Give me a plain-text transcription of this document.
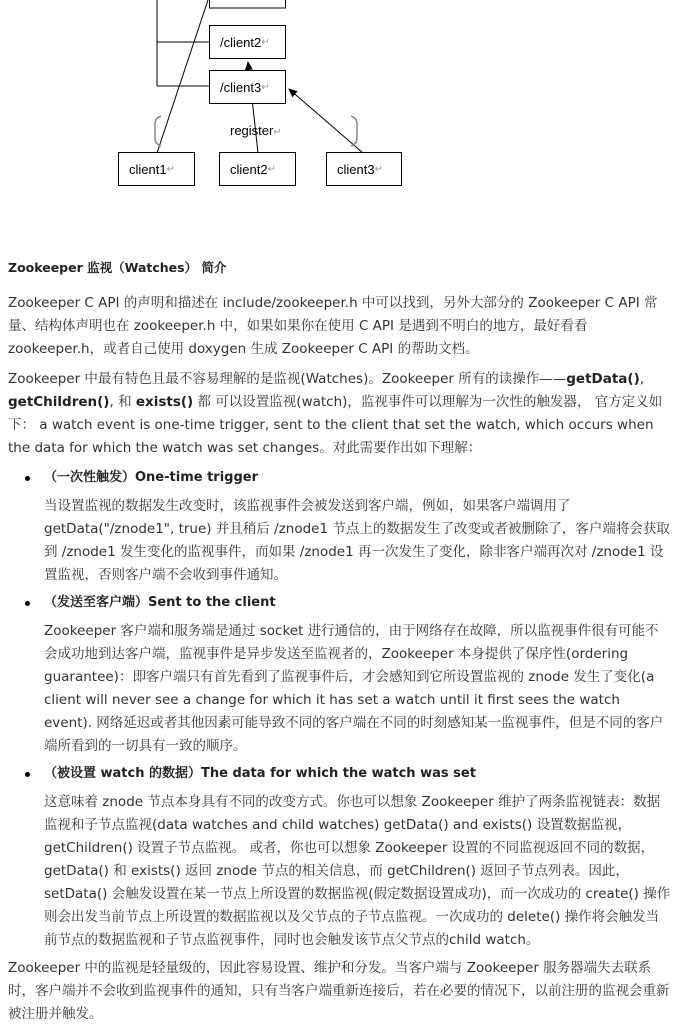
/client2 ↵
/client3 ↵
register↵
client1 ↵	client2 ↵	client3 ↵
Zookeeper 监视（Watches） 简介

Zookeeper C API 的声明和描述在 include/zookeeper.h 中可以找到，另外大部分的 Zookeeper C API 常量、结构体声明也在 zookeeper.h 中，如果如果你在使用 C API 是遇到不明白的地方，最好看看 zookeeper.h，或者自己使用 doxygen 生成 Zookeeper C API 的帮助文档。

Zookeeper 中最有特色且最不容易理解的是监视(Watches)。Zookeeper 所有的读操作——getData(), getChildren(), 和 exists() 都 可以设置监视(watch)，监视事件可以理解为一次性的触发器， 官方定义如下： a watch event is one-time trigger, sent to the client that set the watch, which occurs when the data for which the watch was set changes。对此需要作出如下理解：

（一次性触发）One-time trigger
当设置监视的数据发生改变时，该监视事件会被发送到客户端，例如，如果客户端调用了 getData("/znode1", true) 并且稍后 /znode1 节点上的数据发生了改变或者被删除了，客户端将会获取到 /znode1 发生变化的监视事件，而如果 /znode1 再一次发生了变化，除非客户端再次对 /znode1 设置监视，否则客户端不会收到事件通知。
（发送至客户端）Sent to the client
Zookeeper 客户端和服务端是通过 socket 进行通信的，由于网络存在故障，所以监视事件很有可能不会成功地到达客户端，监视事件是异步发送至监视者的，Zookeeper 本身提供了保序性(ordering guarantee)：即客户端只有首先看到了监视事件后，才会感知到它所设置监视的 znode 发生了变化(a client will never see a change for which it has set a watch until it first sees the watch event). 网络延迟或者其他因素可能导致不同的客户端在不同的时刻感知某一监视事件，但是不同的客户端所看到的一切具有一致的顺序。
（被设置 watch 的数据）The data for which the watch was set
这意味着 znode 节点本身具有不同的改变方式。你也可以想象 Zookeeper 维护了两条监视链表：数据监视和子节点监视(data watches and child watches) getData() and exists() 设置数据监视，getChildren() 设置子节点监视。 或者，你也可以想象 Zookeeper 设置的不同监视返回不同的数据，getData() 和 exists() 返回 znode 节点的相关信息，而 getChildren() 返回子节点列表。因此， setData() 会触发设置在某一节点上所设置的数据监视(假定数据设置成功)，而一次成功的 create() 操作则会出发当前节点上所设置的数据监视以及父节点的子节点监视。一次成功的 delete() 操作将会触发当前节点的数据监视和子节点监视事件，同时也会触发该节点父节点的child watch。

Zookeeper 中的监视是轻量级的，因此容易设置、维护和分发。当客户端与 Zookeeper 服务器端失去联系时，客户端并不会收到监视事件的通知，只有当客户端重新连接后，若在必要的情况下，以前注册的监视会重新被注册并触发。
